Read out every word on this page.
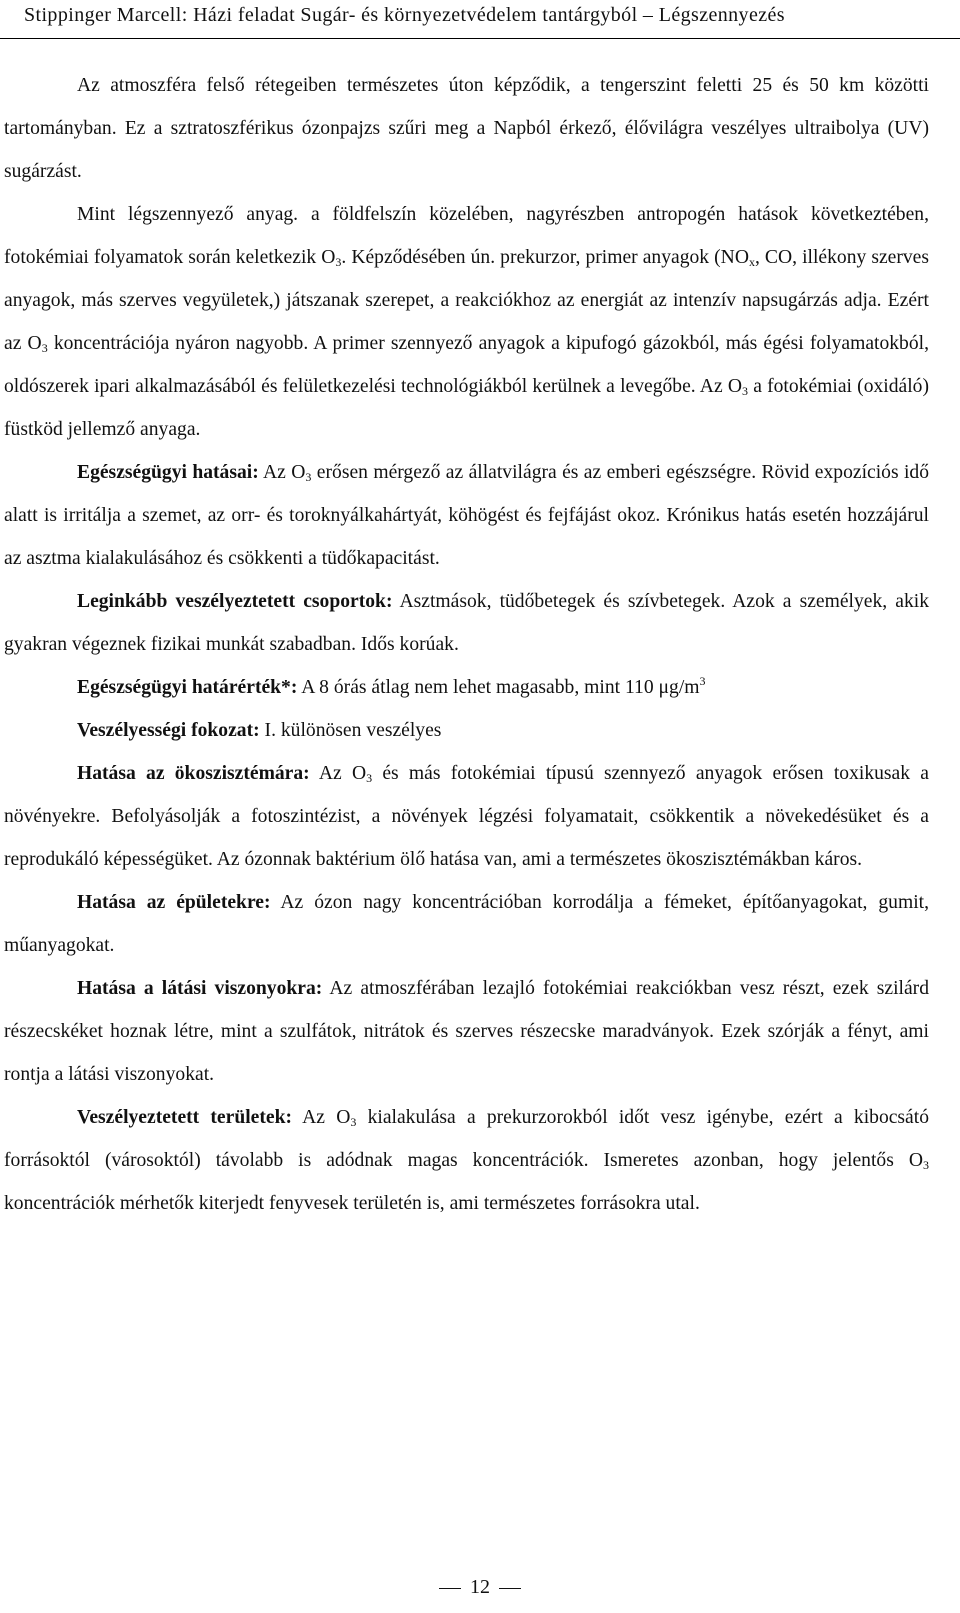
Stippinger Marcell: Házi feladat Sugár- és környezetvédelem tantárgyból – Légszennyezés

Az atmoszféra felső rétegeiben természetes úton képződik, a tengerszint feletti 25 és 50 km közötti tartományban. Ez a sztratoszférikus ózonpajzs szűri meg a Napból érkező, élővilágra veszélyes ultraibolya (UV) sugárzást.

Mint légszennyező anyag. a földfelszín közelében, nagyrészben antropogén hatások következtében, fotokémiai folyamatok során keletkezik $O_3$. Képződésében ún. prekurzor, primer anyagok ($NO_x$, CO, illékony szerves anyagok, más szerves vegyületek,) játszanak szerepet, a reakciókhoz az energiát az intenzív napsugárzás adja. Ezért az $O_3$ koncentrációja nyáron nagyobb. A primer szennyező anyagok a kipufogó gázokból, más égési folyamatokból, oldószerek ipari alkalmazásából és felületkezelési technológiákból kerülnek a levegőbe. Az $O_3$ a fotokémiai (oxidáló) füstköd jellemző anyaga.

Egészségügyi hatásai: Az $O_3$ erősen mérgező az állatvilágra és az emberi egészségre. Rövid expozíciós idő alatt is irritálja a szemet, az orr- és toroknyálkahártyát, köhögést és fejfájást okoz. Krónikus hatás esetén hozzájárul az asztma kialakulásához és csökkenti a tüdőkapacitást.

Leginkább veszélyeztetett csoportok: Asztmások, tüdőbetegek és szívbetegek. Azok a személyek, akik gyakran végeznek fizikai munkát szabadban. Idős korúak.

Egészségügyi határérték*: A 8 órás átlag nem lehet magasabb, mint 110 $\mu g/m^3$

Veszélyességi fokozat: I. különösen veszélyes

Hatása az ökoszisztémára: Az $O_3$ és más fotokémiai típusú szennyező anyagok erősen toxikusak a növényekre. Befolyásolják a fotoszintézist, a növények légzési folyamatait, csökkentik a növekedésüket és a reprodukáló képességüket. Az ózonnak baktérium ölő hatása van, ami a természetes ökoszisztémákban káros.

Hatása az épületekre: Az ózon nagy koncentrációban korrodálja a fémeket, építőanyagokat, gumit, műanyagokat.

Hatása a látási viszonyokra: Az atmoszférában lezajló fotokémiai reakciókban vesz részt, ezek szilárd részecskéket hoznak létre, mint a szulfátok, nitrátok és szerves részecske maradványok. Ezek szórják a fényt, ami rontja a látási viszonyokat.

Veszélyeztetett területek: Az $O_3$ kialakulása a prekurzorokból időt vesz igénybe, ezért a kibocsátó forrásoktól (városoktól) távolabb is adódnak magas koncentrációk. Ismeretes azonban, hogy jelentős $O_3$ koncentrációk mérhetők kiterjedt fenyvesek területén is, ami természetes forrásokra utal.

12
